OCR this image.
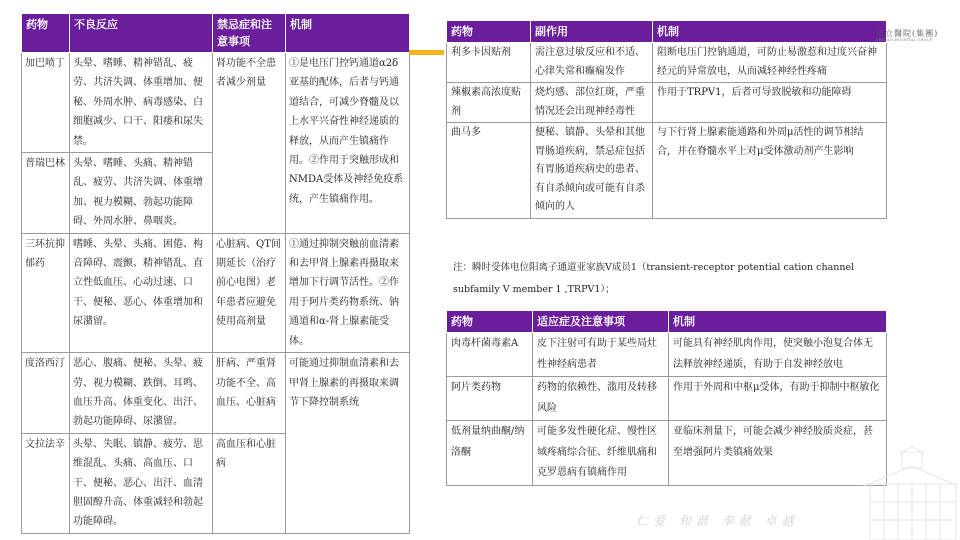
药物	不良反应	禁忌症和注意事项	机制
加巴喷丁	头晕、嗜睡、精神错乱、疲劳、共济失调、体重增加、便秘、外周水肿、病毒感染、白细胞减少、口干、阳痿和尿失禁。	肾功能不全患者减少剂量	①是电压门控钙通道α2δ亚基的配体，后者与钙通道结合，可减少脊髓及以上水平兴奋性神经递质的释放，从而产生镇痛作用。②作用于突触形成和NMDA受体及神经免疫系统，产生镇痛作用。
普瑞巴林	头晕、嗜睡、头痛、精神错乱、疲劳、共济失调、体重增加、视力模糊、勃起功能障碍、外周水肿、鼻咽炎。		
三环抗抑郁药	嗜睡、头晕、头痛、困倦、构音障碍、震颤、精神错乱、直立性低血压、心动过速、口干、便秘、恶心、体重增加和尿潴留。	心脏病、QT间期延长（治疗前心电图）老年患者应避免使用高剂量	①通过抑制突触前血清素和去甲肾上腺素再摄取来增加下行调节活性。②作用于阿片类药物系统、钠通道和α-肾上腺素能受体。
度洛西汀	恶心、腹痛、便秘、头晕、疲劳、视力模糊、跌倒、耳鸣、血压升高、体重变化、出汗、勃起功能障碍、尿潴留。	肝病、严重肾功能不全、高血压、心脏病	可能通过抑制血清素和去甲肾上腺素的再摄取来调节下降控制系统
文拉法辛	头晕、失眠、镇静、疲劳、思维混乱、头痛、高血压、口干、便秘、恶心、出汗、血清胆固醇升高、体重减轻和勃起功能障碍。	高血压和心脏病	
药物	副作用	机制
利多卡因贴剂	需注意过敏反应和不适、心律失常和癫痫发作	阻断电压门控钠通道，可防止易激惹和过度兴奋神经元的异常放电，从而减轻神经性疼痛
辣椒素高浓度贴剂	烧灼感、部位红斑，严重情况还会出现神经毒性	作用于TRPV1，后者可导致脱敏和功能障碍
曲马多	便秘、镇静、头晕和其他胃肠道疾病，禁忌症包括有胃肠道疾病史的患者、有自杀倾向或可能有自杀倾向的人	与下行肾上腺素能通路和外周μ活性的调节相结合，并在脊髓水平上对μ受体激动剂产生影响
注：瞬时受体电位阳离子通道亚家族V成员1（transient-receptor potential cation channel subfamily V member 1 ,TRPV1）；
药物	适应症及注意事项	机制
肉毒杆菌毒素A	皮下注射可有助于某些局灶性神经病患者	可能具有神经肌肉作用，使突触小泡复合体无法释放神经递质，有助于自发神经放电
阿片类药物	药物的依赖性、滥用及转移风险	作用于外周和中枢μ受体，有助于抑制中枢敏化
低剂量纳曲酮/纳洛酮	可能多发性硬化症、慢性区域疼痛综合征、纤维肌痛和克罗恩病有镇痛作用	亚临床剂量下，可能会减少神经胶质炎症，甚至增强阿片类镇痛效果
市立醫院(集團)
SHIJIAN HOSPITAL GROUP
仁爱 和谐 奉献 卓越
